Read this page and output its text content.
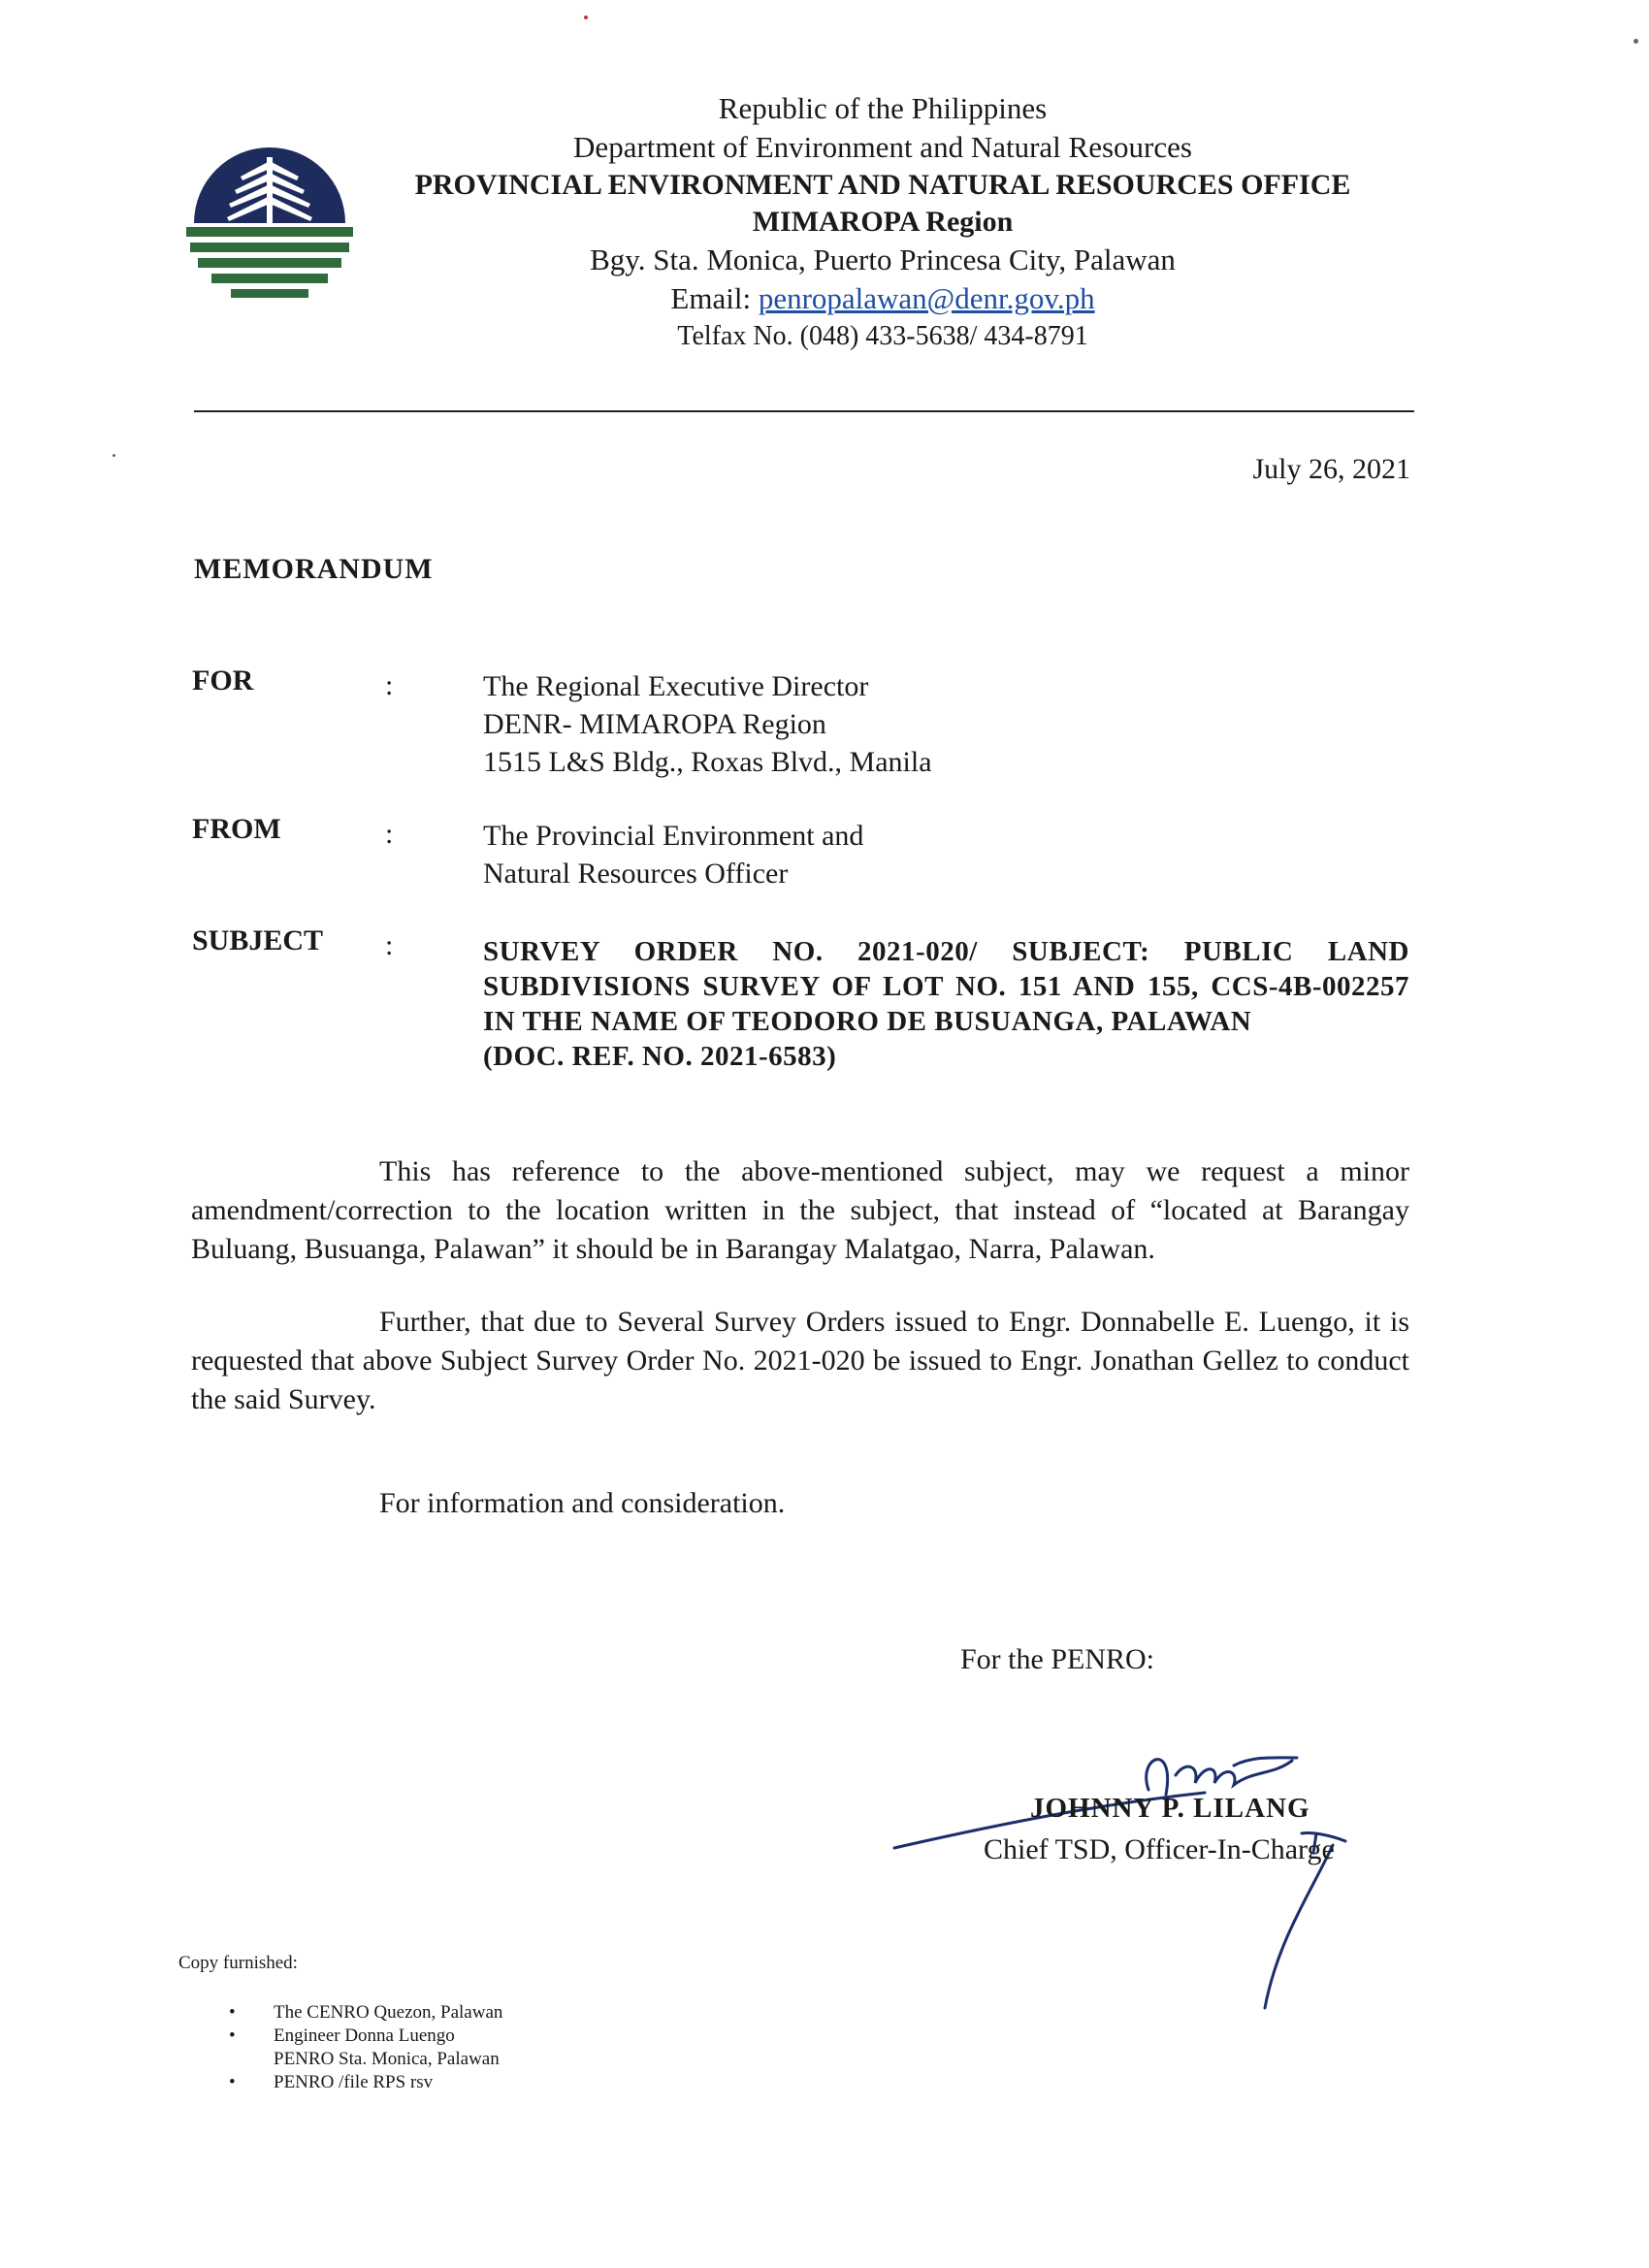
Republic of the Philippines
Department of Environment and Natural Resources
PROVINCIAL ENVIRONMENT AND NATURAL RESOURCES OFFICE
MIMAROPA Region
Bgy. Sta. Monica, Puerto Princesa City, Palawan
Email: penropalawan@denr.gov.ph
Telfax No. (048) 433-5638/ 434-8791
July 26, 2021
MEMORANDUM
FOR	:	The Regional Executive Director
DENR- MIMAROPA Region
1515 L&S Bldg., Roxas Blvd., Manila
FROM	:	The Provincial Environment and
Natural Resources Officer
SUBJECT :	SURVEY ORDER NO. 2021-020/ SUBJECT: PUBLIC LAND SUBDIVISIONS SURVEY OF LOT NO. 151 AND 155, CCS-4B-002257 IN THE NAME OF TEODORO DE BUSUANGA, PALAWAN
(DOC. REF. NO. 2021-6583)
This has reference to the above-mentioned subject, may we request a minor amendment/correction to the location written in the subject, that instead of “located at Barangay Buluang, Busuanga, Palawan” it should be in Barangay Malatgao, Narra, Palawan.
Further, that due to Several Survey Orders issued to Engr. Donnabelle E. Luengo, it is requested that above Subject Survey Order No. 2021-020 be issued to Engr. Jonathan Gellez to conduct the said Survey.
For information and consideration.
For the PENRO:
JOHNNY P. LILANG
Chief TSD, Officer-In-Charge
Copy furnished:
• The CENRO Quezon, Palawan
• Engineer Donna Luengo
PENRO Sta. Monica, Palawan
• PENRO /file RPS rsv
